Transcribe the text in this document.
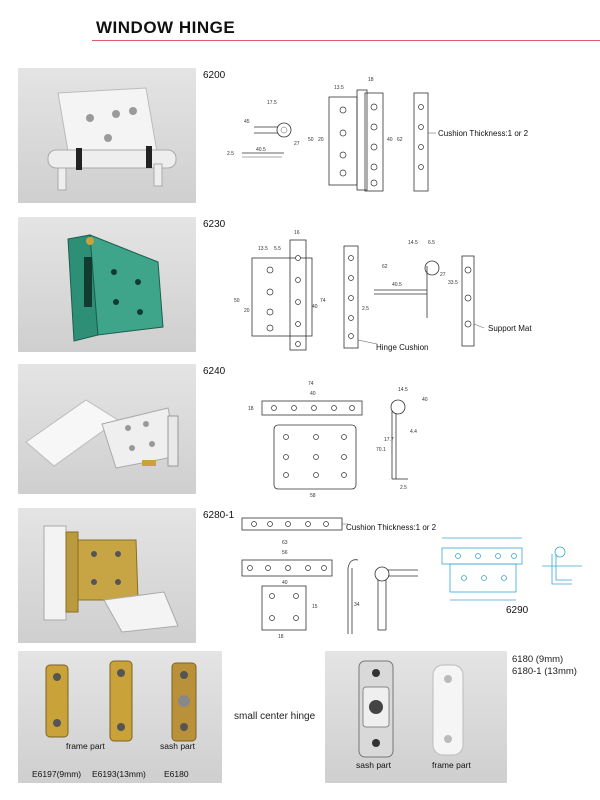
WINDOW HINGE
6200
17.5
45
2.5
40.5
27
13.5
20
50
18
40 62
Cushion Thickness:1 or 2
6230
16
13.5 5.5
50
20
74
40
14.5 6.5
62
27
40.5
2.5
33.5
Hinge Cushion
Support Mat
6240
74
40
18
58
14.5
40
70.1
17.7
4.4
2.5
6280-1
63
56
40
15
18
34
Cushion Thickness:1 or 2
6290
frame part	sash part
E6197(9mm) E6193(13mm) E6180
small center hinge
sash part	frame part
6180 (9mm)
6180-1 (13mm)
